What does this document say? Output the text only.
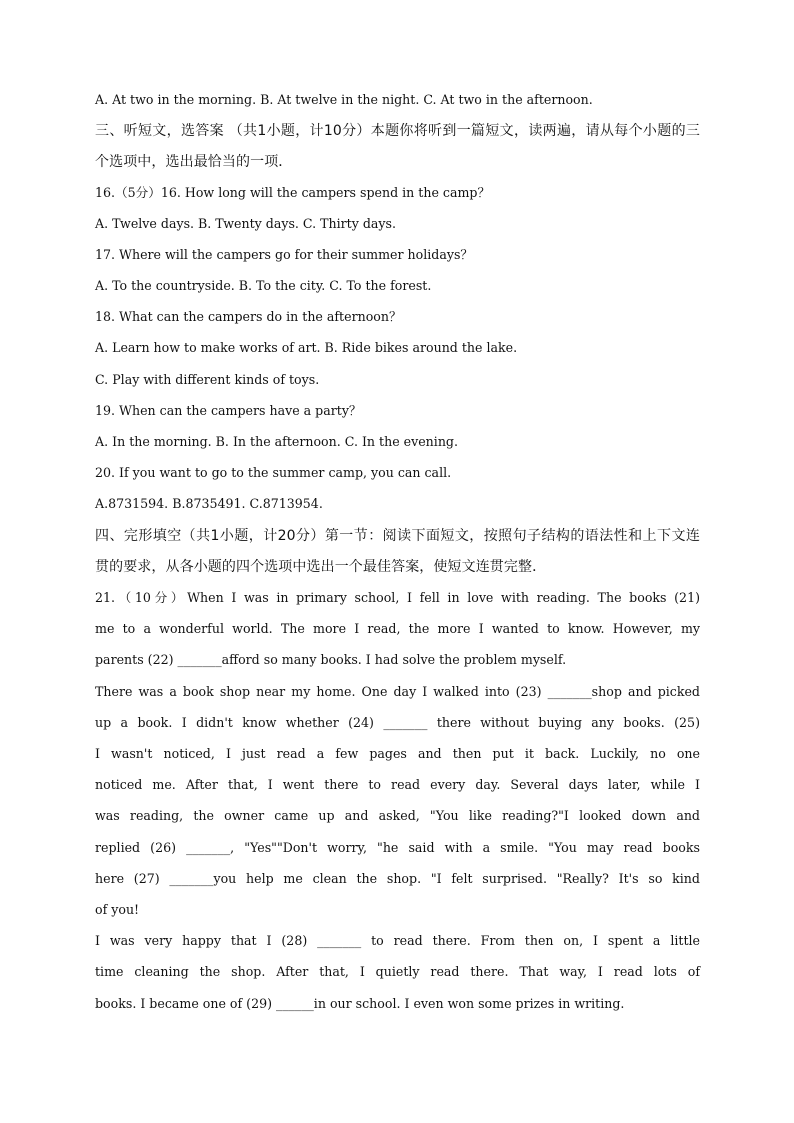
A. At two in the morning. B. At twelve in the night. C. At two in the afternoon.
三、听短文，选答案 （共1小题，计10分）本题你将听到一篇短文，读两遍，请从每个小题的三
个选项中，选出最恰当的一项．
16.（5分）16. How long will the campers spend in the camp？
A. Twelve days. B. Twenty days. C. Thirty days.
17. Where will the campers go for their summer holidays？
A. To the countryside. B. To the city. C. To the forest.
18. What can the campers do in the afternoon？
A. Learn how to make works of art. B. Ride bikes around the lake.
C. Play with different kinds of toys.
19. When can the campers have a party？
A. In the morning. B. In the afternoon. C. In the evening.
20. If you want to go to the summer camp, you can call.
A.8731594. B.8735491. C.8713954.
四、完形填空（共1小题，计20分）第一节：阅读下面短文，按照句子结构的语法性和上下文连
贯的要求，从各小题的四个选项中选出一个最佳答案，使短文连贯完整．
21.（10分）When I was in primary school, I fell in love with reading. The books (21)
me to a wonderful world. The more I read, the more I wanted to know. However, my
parents (22) _______afford so many books. I had solve the problem myself.
There was a book shop near my home. One day I walked into (23) _______shop and picked
up a book. I didn't know whether (24) _______ there without buying any books. (25)
I wasn't noticed, I just read a few pages and then put it back. Luckily, no one
noticed me. After that, I went there to read every day. Several days later, while I
was reading, the owner came up and asked, "You like reading?"I looked down and
replied (26) _______, "Yes""Don't worry, "he said with a smile. "You may read books
here (27) _______you help me clean the shop. "I felt surprised. "Really? It's so kind
of you!
I was very happy that I (28) _______ to read there. From then on, I spent a little
time cleaning the shop. After that, I quietly read there. That way, I read lots of
books. I became one of (29) ______in our school. I even won some prizes in writing.
